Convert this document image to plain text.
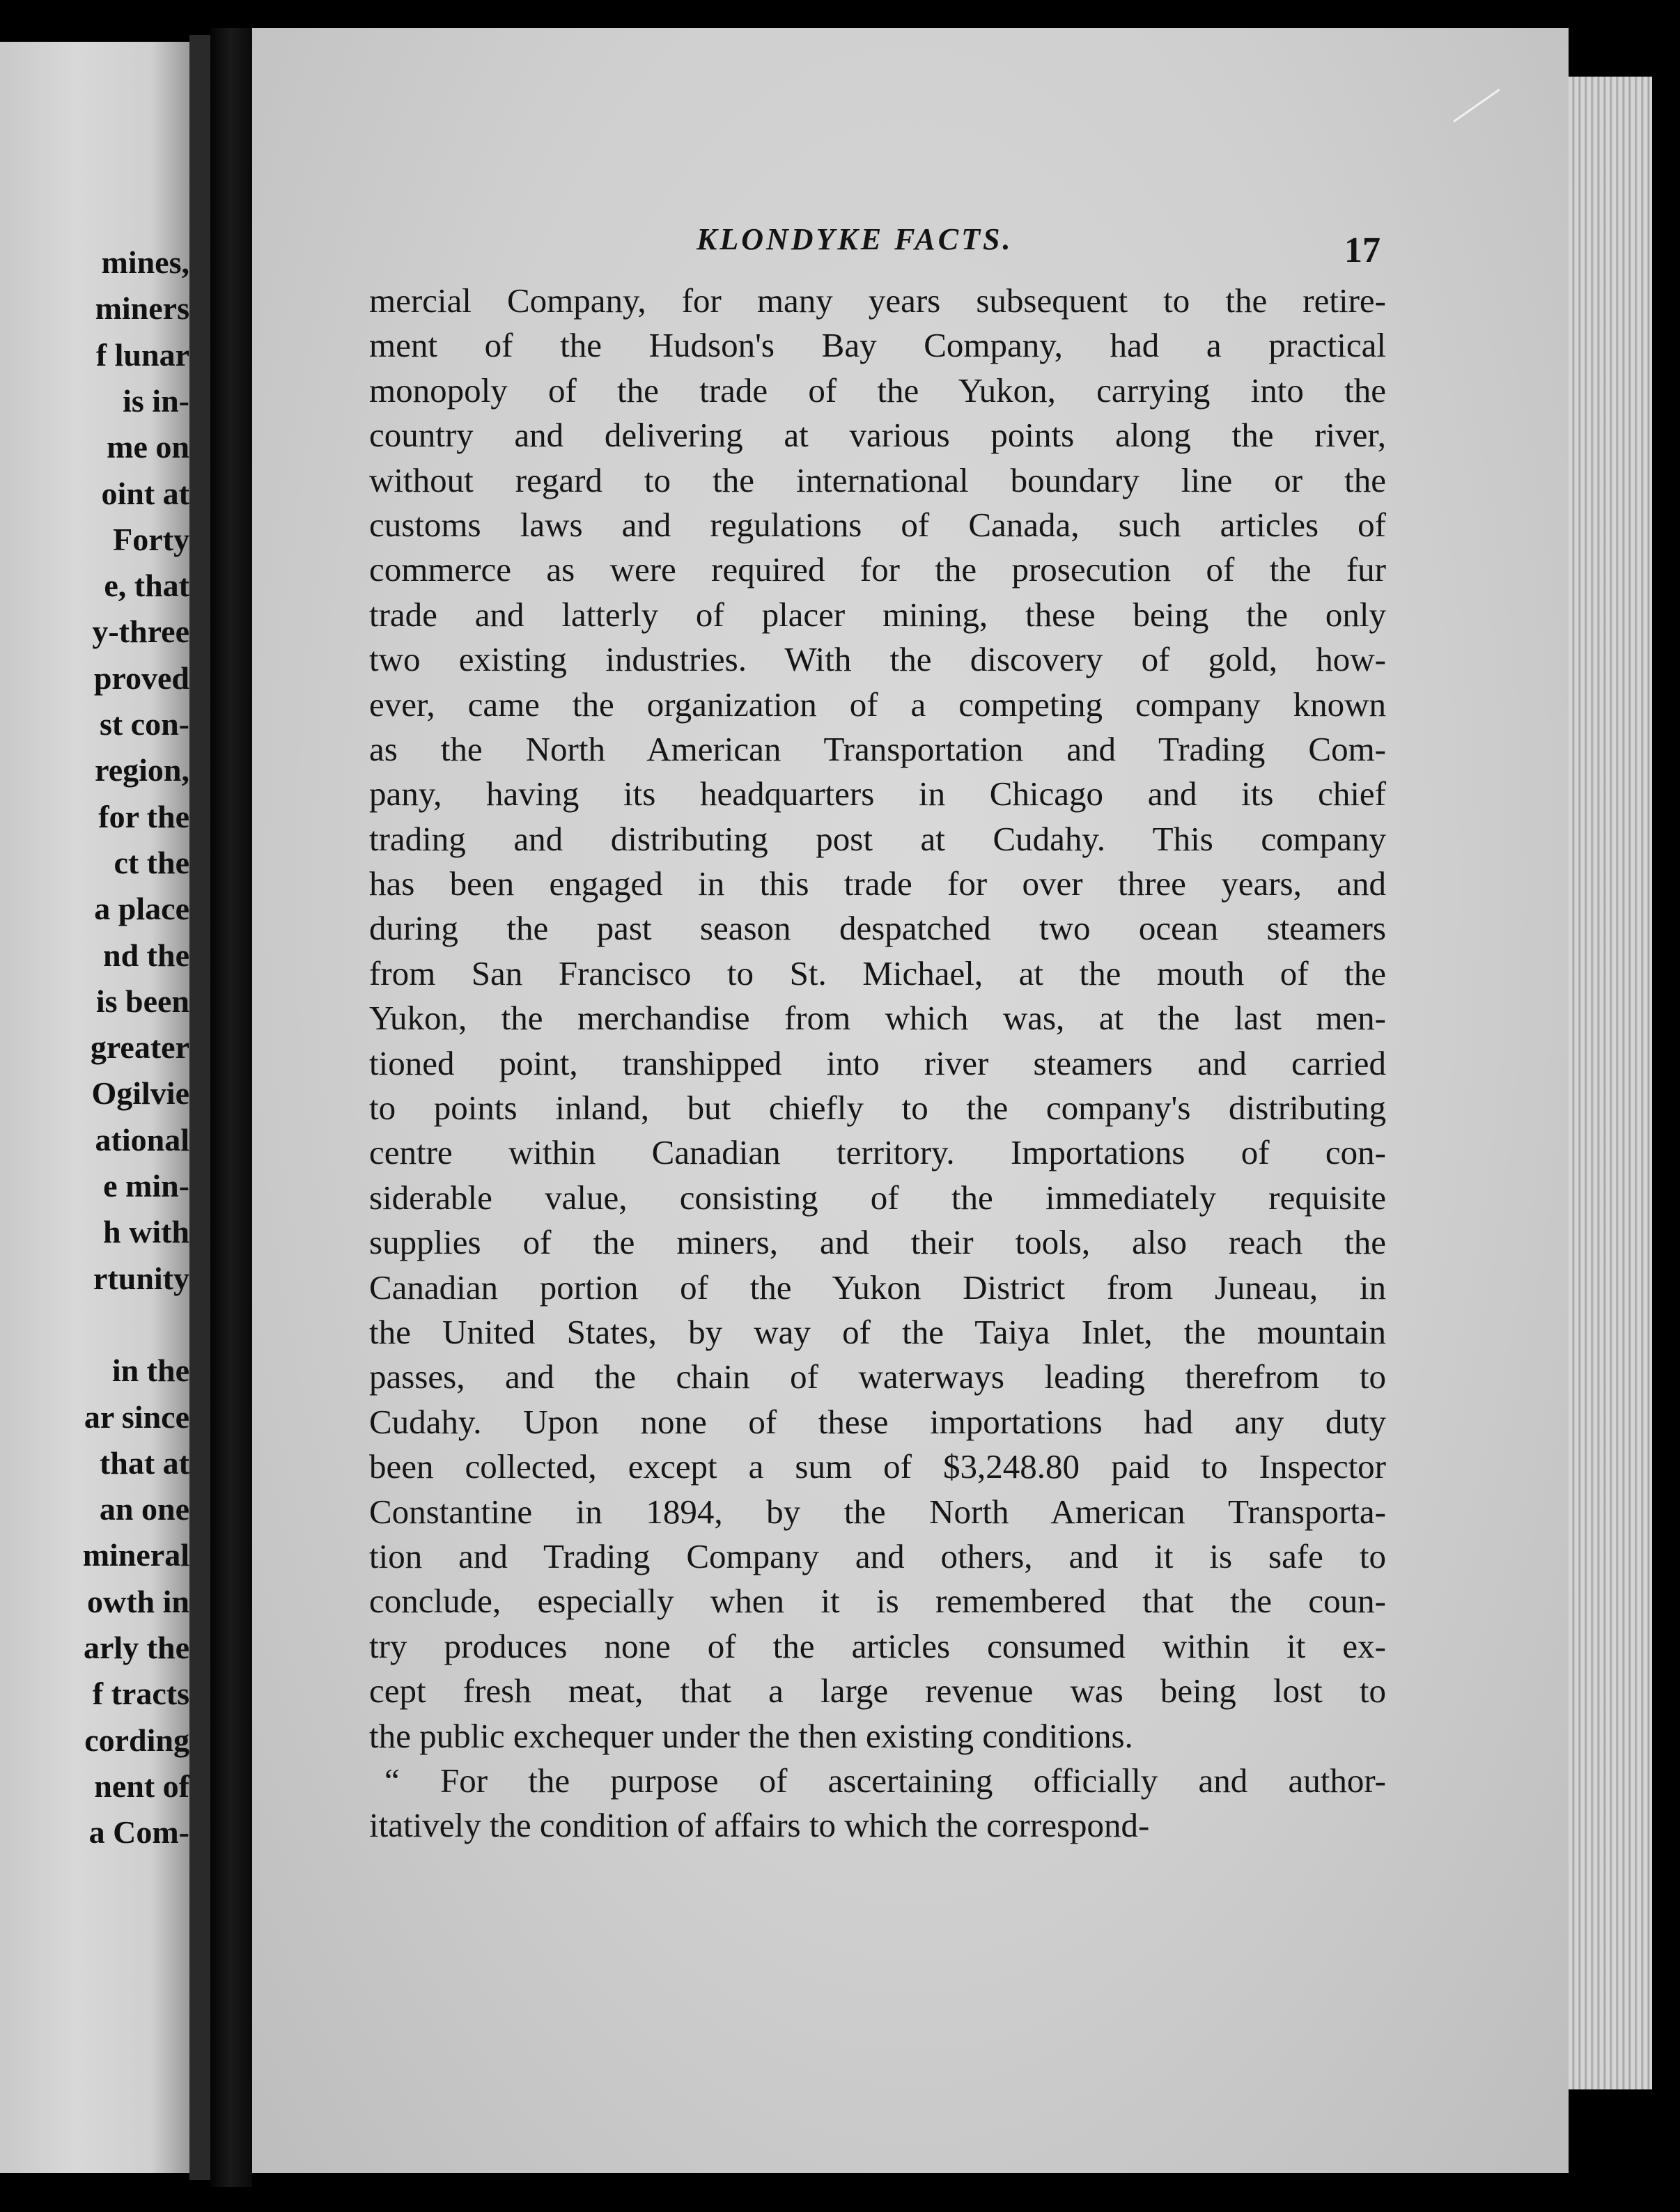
mines,
miners
f lunar
is in-
me on
oint at
Forty
e, that
y-three
proved
st con-
region,
for the
ct the
a place
nd the
is been
greater
Ogilvie
ational
e min-
h with
rtunity
in the
ar since
that at
an one
mineral
owth in
arly the
f tracts
cording
nent of
a Com-
KLONDYKE FACTS.	17
mercial Company, for many years subsequent to the retire-
ment of the Hudson's Bay Company, had a practical
monopoly of the trade of the Yukon, carrying into the
country and delivering at various points along the river,
without regard to the international boundary line or the
customs laws and regulations of Canada, such articles of
commerce as were required for the prosecution of the fur
trade and latterly of placer mining, these being the only
two existing industries. With the discovery of gold, how-
ever, came the organization of a competing company known
as the North American Transportation and Trading Com-
pany, having its headquarters in Chicago and its chief
trading and distributing post at Cudahy. This company
has been engaged in this trade for over three years, and
during the past season despatched two ocean steamers
from San Francisco to St. Michael, at the mouth of the
Yukon, the merchandise from which was, at the last men-
tioned point, transhipped into river steamers and carried
to points inland, but chiefly to the company's distributing
centre within Canadian territory. Importations of con-
siderable value, consisting of the immediately requisite
supplies of the miners, and their tools, also reach the
Canadian portion of the Yukon District from Juneau, in
the United States, by way of the Taiya Inlet, the mountain
passes, and the chain of waterways leading therefrom to
Cudahy. Upon none of these importations had any duty
been collected, except a sum of $3,248.80 paid to Inspector
Constantine in 1894, by the North American Transporta-
tion and Trading Company and others, and it is safe to
conclude, especially when it is remembered that the coun-
try produces none of the articles consumed within it ex-
cept fresh meat, that a large revenue was being lost to
the public exchequer under the then existing conditions.
“ For the purpose of ascertaining officially and author-
itatively the condition of affairs to which the correspond-
